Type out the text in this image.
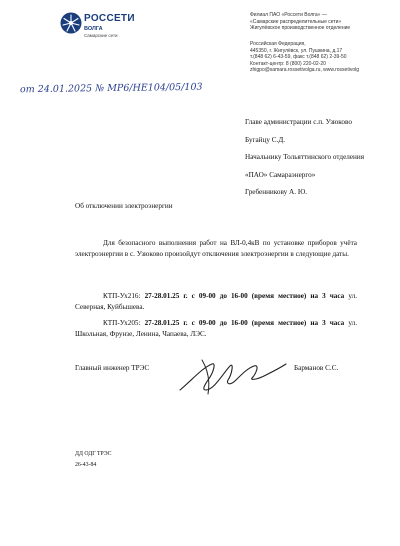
РОССЕТИ
ВОЛГА
Самарские сети
Филиал ПАО «Россети Волга» —
«Самарские распределительные сети»
Жигулёвское производственное отделение
Российская Федерация,
445350, г. Жигулёвск, ул. Пушкина, д.17
т.(848 62) 6-43-59, факс т.(848 62) 2-39-50
Контакт-центр: 8 (800) 220-02-20
zhigpo@samara.rossetivolga.ru, www.rossetivolg
от 24.01.2025 № МР6/НЕ104/05/103
Главе администрации с.п. Узюково
Бугайцу С.Д.
Начальнику Тольяттинского отделения
«ПАО» Самараэнерго»
Гребенникову А. Ю.
Об отключении электроэнергии
Для безопасного выполнения работ на ВЛ-0,4кВ по установке приборов учёта электроэнергии в с. Узюково произойдут отключения электроэнергии в следующие даты.
КТП-Ух216: 27-28.01.25 г. с 09-00 до 16-00 (время местное) на 3 часа ул. Северная, Куйбышева.
КТП-Ух205: 27-28.01.25 г. с 09-00 до 16-00 (время местное) на 3 часа ул. Школьная, Фрунзе, Ленина, Чапаева, ЛЭС.
Главный инженер ТРЭС	Барманов С.С.
ДД ОДГ ТРЭС
26-43-84
